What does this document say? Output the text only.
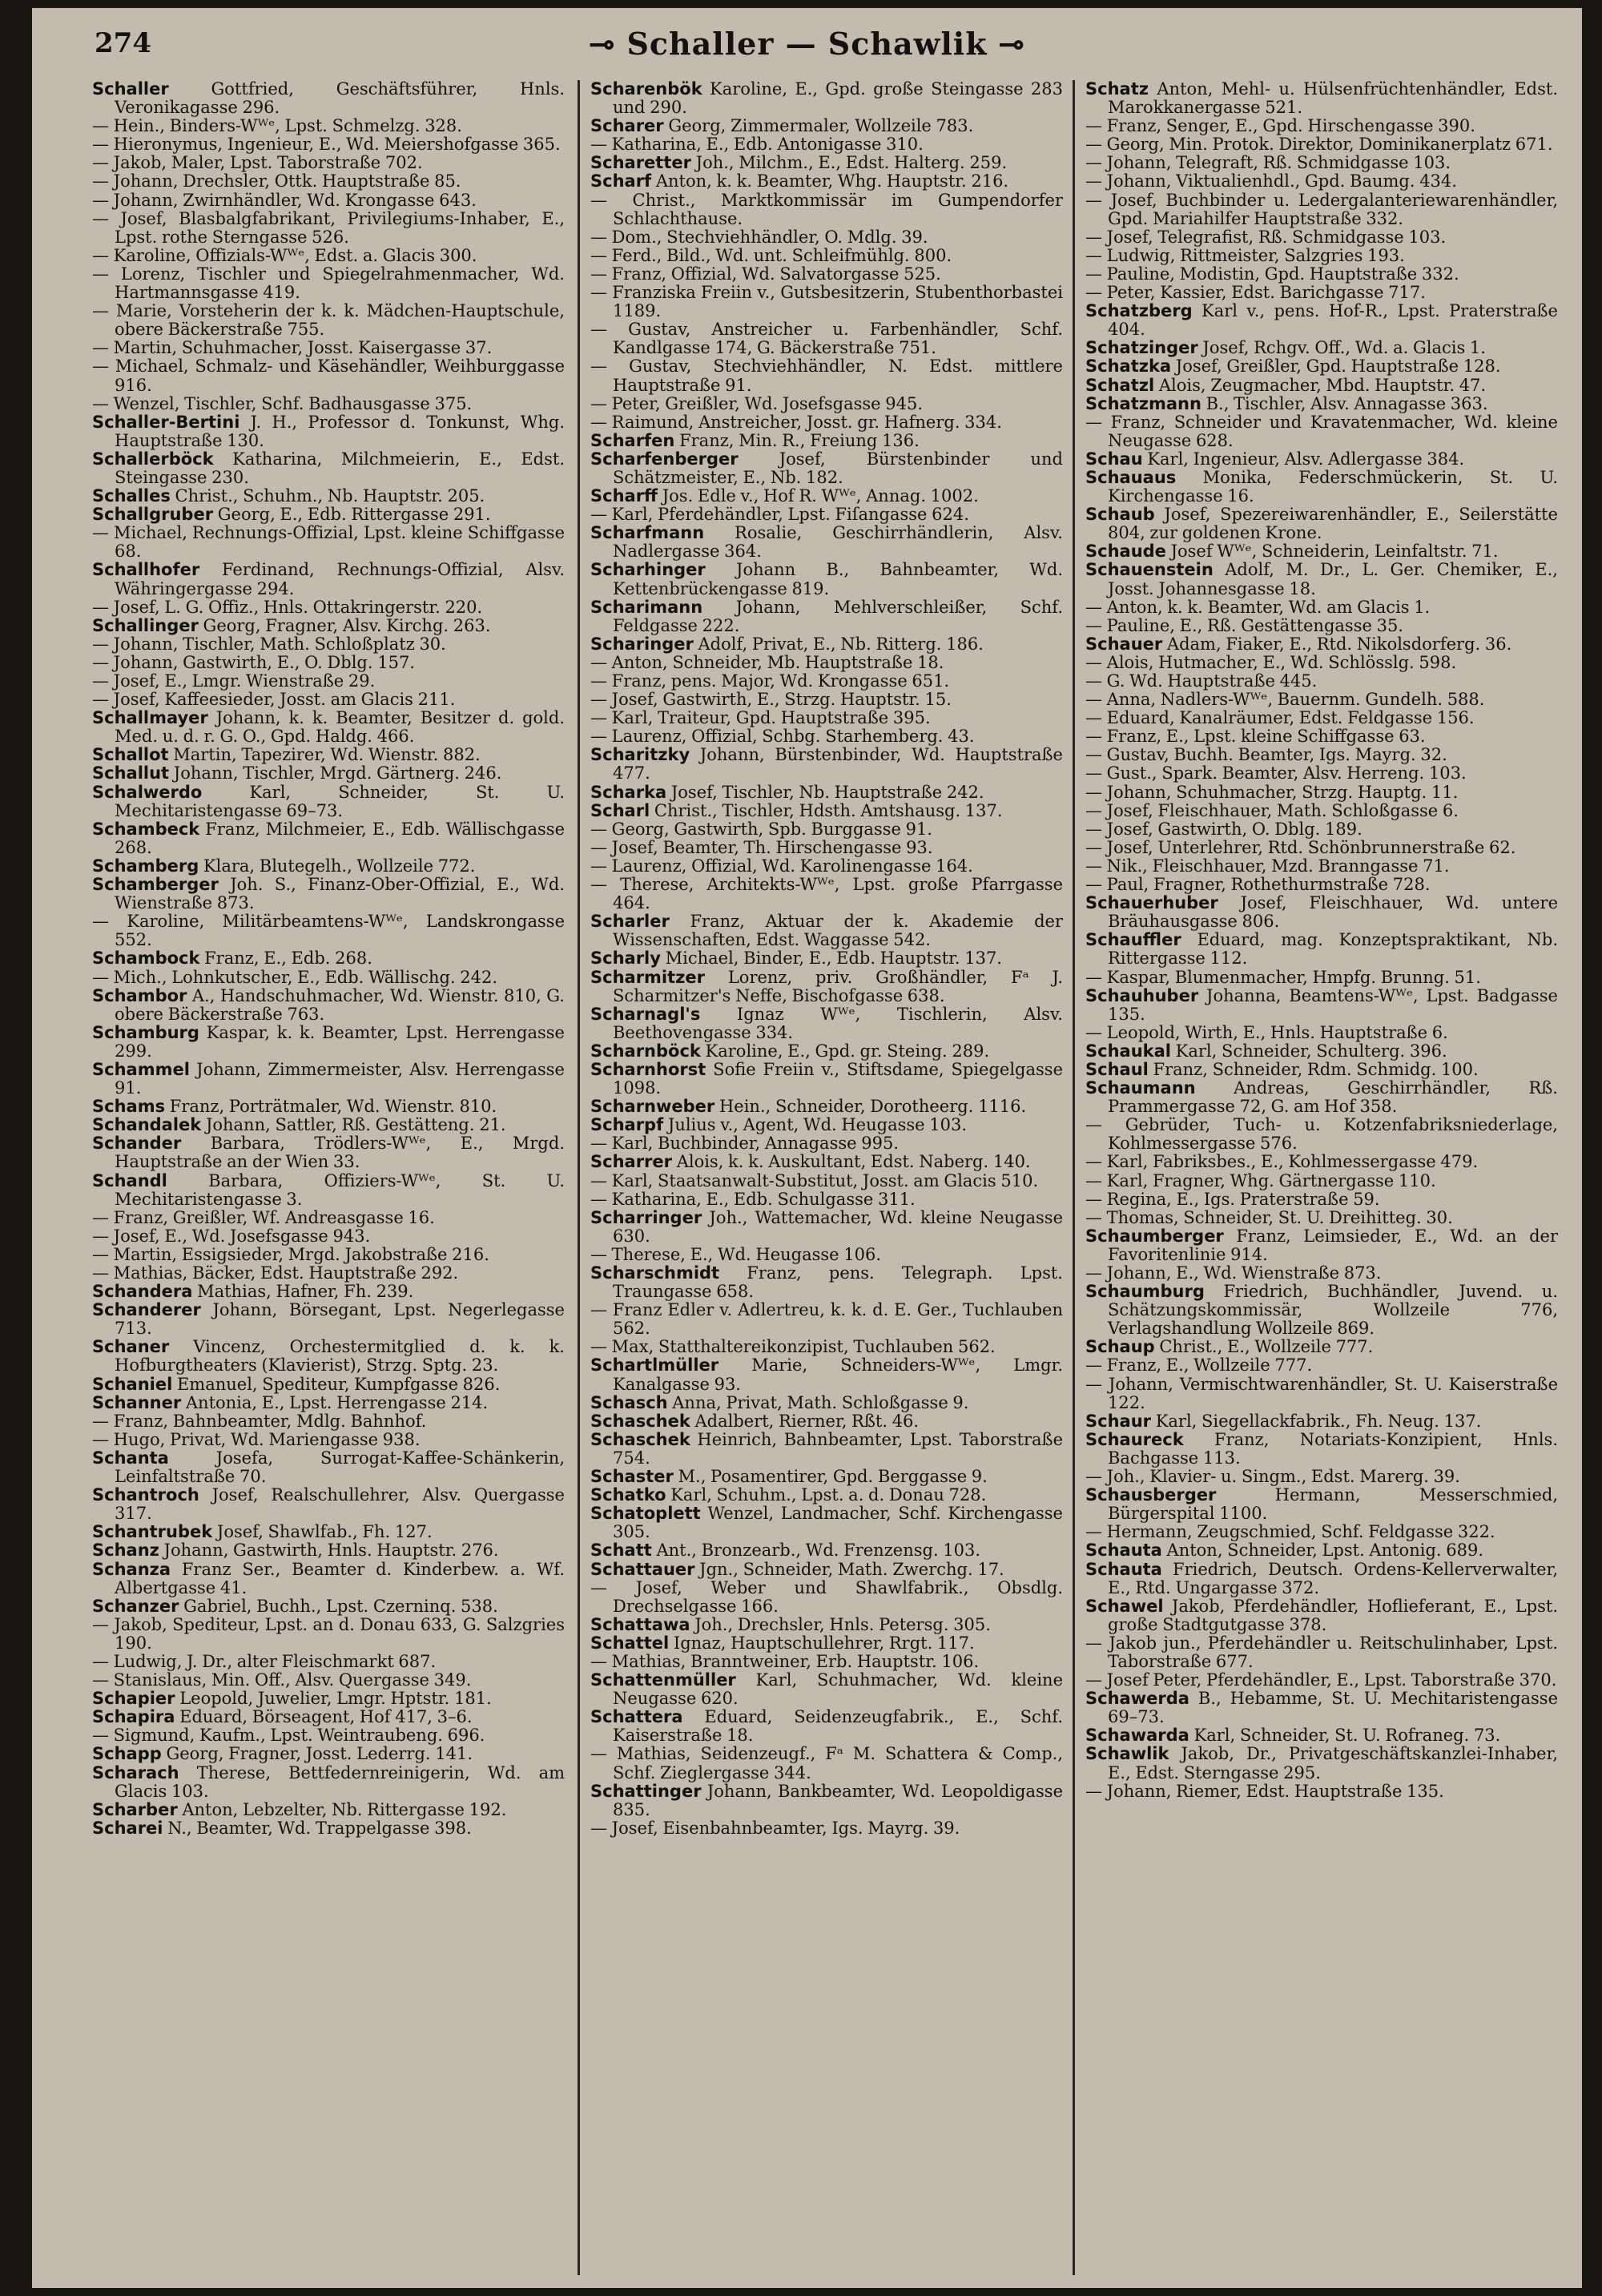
274	⊸ Schaller — Schawlik ⊸
Schaller Gottfried, Geschäftsführer, Hnls. Veronikagasse 296.
— Hein., Binders-Wᵂᵉ, Lpst. Schmelzg. 328.
— Hieronymus, Ingenieur, E., Wd. Meiershofgasse 365.
— Jakob, Maler, Lpst. Taborstraße 702.
— Johann, Drechsler, Ottk. Hauptstraße 85.
— Johann, Zwirnhändler, Wd. Krongasse 643.
— Josef, Blasbalgfabrikant, Privilegiums-Inhaber, E., Lpst. rothe Sterngasse 526.
— Karoline, Offizials-Wᵂᵉ, Edst. a. Glacis 300.
— Lorenz, Tischler und Spiegelrahmenmacher, Wd. Hartmannsgasse 419.
— Marie, Vorsteherin der k. k. Mädchen-Hauptschule, obere Bäckerstraße 755.
— Martin, Schuhmacher, Josst. Kaisergasse 37.
— Michael, Schmalz- und Käsehändler, Weihburggasse 916.
— Wenzel, Tischler, Schf. Badhausgasse 375.
Schaller-Bertini J. H., Professor d. Tonkunst, Whg. Hauptstraße 130.
Schallerböck Katharina, Milchmeierin, E., Edst. Steingasse 230.
Schalles Christ., Schuhm., Nb. Hauptstr. 205.
Schallgruber Georg, E., Edb. Rittergasse 291.
— Michael, Rechnungs-Offizial, Lpst. kleine Schiffgasse 68.
Schallhofer Ferdinand, Rechnungs-Offizial, Alsv. Währingergasse 294.
— Josef, L. G. Offiz., Hnls. Ottakringerstr. 220.
Schallinger Georg, Fragner, Alsv. Kirchg. 263.
— Johann, Tischler, Math. Schloßplatz 30.
— Johann, Gastwirth, E., O. Dblg. 157.
— Josef, E., Lmgr. Wienstraße 29.
— Josef, Kaffeesieder, Josst. am Glacis 211.
Schallmayer Johann, k. k. Beamter, Besitzer d. gold. Med. u. d. r. G. O., Gpd. Haldg. 466.
Schallot Martin, Tapezirer, Wd. Wienstr. 882.
Schallut Johann, Tischler, Mrgd. Gärtnerg. 246.
Schalwerdo Karl, Schneider, St. U. Mechitaristengasse 69–73.
Schambeck Franz, Milchmeier, E., Edb. Wällischgasse 268.
Schamberg Klara, Blutegelh., Wollzeile 772.
Schamberger Joh. S., Finanz-Ober-Offizial, E., Wd. Wienstraße 873.
— Karoline, Militärbeamtens-Wᵂᵉ, Landskrongasse 552.
Schambock Franz, E., Edb. 268.
— Mich., Lohnkutscher, E., Edb. Wällischg. 242.
Schambor A., Handschuhmacher, Wd. Wienstr. 810, G. obere Bäckerstraße 763.
Schamburg Kaspar, k. k. Beamter, Lpst. Herrengasse 299.
Schammel Johann, Zimmermeister, Alsv. Herrengasse 91.
Schams Franz, Porträtmaler, Wd. Wienstr. 810.
Schandalek Johann, Sattler, Rß. Gestätteng. 21.
Schander Barbara, Trödlers-Wᵂᵉ, E., Mrgd. Hauptstraße an der Wien 33.
Schandl Barbara, Offiziers-Wᵂᵉ, St. U. Mechitaristengasse 3.
— Franz, Greißler, Wf. Andreasgasse 16.
— Josef, E., Wd. Josefsgasse 943.
— Martin, Essigsieder, Mrgd. Jakobstraße 216.
— Mathias, Bäcker, Edst. Hauptstraße 292.
Schandera Mathias, Hafner, Fh. 239.
Schanderer Johann, Börsegant, Lpst. Negerlegasse 713.
Schaner Vincenz, Orchestermitglied d. k. k. Hofburgtheaters (Klavierist), Strzg. Sptg. 23.
Schaniel Emanuel, Spediteur, Kumpfgasse 826.
Schanner Antonia, E., Lpst. Herrengasse 214.
— Franz, Bahnbeamter, Mdlg. Bahnhof.
— Hugo, Privat, Wd. Mariengasse 938.
Schanta Josefa, Surrogat-Kaffee-Schänkerin, Leinfaltstraße 70.
Schantroch Josef, Realschullehrer, Alsv. Quergasse 317.
Schantrubek Josef, Shawlfab., Fh. 127.
Schanz Johann, Gastwirth, Hnls. Hauptstr. 276.
Schanza Franz Ser., Beamter d. Kinderbew. a. Wf. Albertgasse 41.
Schanzer Gabriel, Buchh., Lpst. Czerninq. 538.
— Jakob, Spediteur, Lpst. an d. Donau 633, G. Salzgries 190.
— Ludwig, J. Dr., alter Fleischmarkt 687.
— Stanislaus, Min. Off., Alsv. Quergasse 349.
Schapier Leopold, Juwelier, Lmgr. Hptstr. 181.
Schapira Eduard, Börseagent, Hof 417, 3–6.
— Sigmund, Kaufm., Lpst. Weintraubeng. 696.
Schapp Georg, Fragner, Josst. Lederrg. 141.
Scharach Therese, Bettfedernreinigerin, Wd. am Glacis 103.
Scharber Anton, Lebzelter, Nb. Rittergasse 192.
Scharei N., Beamter, Wd. Trappelgasse 398.
Scharenbök Karoline, E., Gpd. große Steingasse 283 und 290.
Scharer Georg, Zimmermaler, Wollzeile 783.
— Katharina, E., Edb. Antonigasse 310.
Scharetter Joh., Milchm., E., Edst. Halterg. 259.
Scharf Anton, k. k. Beamter, Whg. Hauptstr. 216.
— Christ., Marktkommissär im Gumpendorfer Schlachthause.
— Dom., Stechviehhändler, O. Mdlg. 39.
— Ferd., Bild., Wd. unt. Schleifmühlg. 800.
— Franz, Offizial, Wd. Salvatorgasse 525.
— Franziska Freiin v., Gutsbesitzerin, Stubenthorbastei 1189.
— Gustav, Anstreicher u. Farbenhändler, Schf. Kandlgasse 174, G. Bäckerstraße 751.
— Gustav, Stechviehhändler, N. Edst. mittlere Hauptstraße 91.
— Peter, Greißler, Wd. Josefsgasse 945.
— Raimund, Anstreicher, Josst. gr. Hafnerg. 334.
Scharfen Franz, Min. R., Freiung 136.
Scharfenberger Josef, Bürstenbinder und Schätzmeister, E., Nb. 182.
Scharff Jos. Edle v., Hof R. Wᵂᵉ, Annag. 1002.
— Karl, Pferdehändler, Lpst. Fiſangasse 624.
Scharfmann Rosalie, Geschirrhändlerin, Alsv. Nadlergasse 364.
Scharhinger Johann B., Bahnbeamter, Wd. Kettenbrückengasse 819.
Scharimann Johann, Mehlverschleißer, Schf. Feldgasse 222.
Scharinger Adolf, Privat, E., Nb. Ritterg. 186.
— Anton, Schneider, Mb. Hauptstraße 18.
— Franz, pens. Major, Wd. Krongasse 651.
— Josef, Gastwirth, E., Strzg. Hauptstr. 15.
— Karl, Traiteur, Gpd. Hauptstraße 395.
— Laurenz, Offizial, Schbg. Starhemberg. 43.
Scharitzky Johann, Bürstenbinder, Wd. Hauptstraße 477.
Scharka Josef, Tischler, Nb. Hauptstraße 242.
Scharl Christ., Tischler, Hdsth. Amtshausg. 137.
— Georg, Gastwirth, Spb. Burggasse 91.
— Josef, Beamter, Th. Hirschengasse 93.
— Laurenz, Offizial, Wd. Karolinengasse 164.
— Therese, Architekts-Wᵂᵉ, Lpst. große Pfarrgasse 464.
Scharler Franz, Aktuar der k. Akademie der Wissenschaften, Edst. Waggasse 542.
Scharly Michael, Binder, E., Edb. Hauptstr. 137.
Scharmitzer Lorenz, priv. Großhändler, Fᵃ J. Scharmitzer's Neffe, Bischofgasse 638.
Scharnagl's Ignaz Wᵂᵉ, Tischlerin, Alsv. Beethovengasse 334.
Scharnböck Karoline, E., Gpd. gr. Steing. 289.
Scharnhorst Sofie Freiin v., Stiftsdame, Spiegelgasse 1098.
Scharnweber Hein., Schneider, Dorotheerg. 1116.
Scharpf Julius v., Agent, Wd. Heugasse 103.
— Karl, Buchbinder, Annagasse 995.
Scharrer Alois, k. k. Auskultant, Edst. Naberg. 140.
— Karl, Staatsanwalt-Substitut, Josst. am Glacis 510.
— Katharina, E., Edb. Schulgasse 311.
Scharringer Joh., Wattemacher, Wd. kleine Neugasse 630.
— Therese, E., Wd. Heugasse 106.
Scharschmidt Franz, pens. Telegraph. Lpst. Traungasse 658.
— Franz Edler v. Adlertreu, k. k. d. E. Ger., Tuchlauben 562.
— Max, Statthaltereikonzipist, Tuchlauben 562.
Schartlmüller Marie, Schneiders-Wᵂᵉ, Lmgr. Kanalgasse 93.
Schasch Anna, Privat, Math. Schloßgasse 9.
Schaschek Adalbert, Rierner, Rßt. 46.
Schaschek Heinrich, Bahnbeamter, Lpst. Taborstraße 754.
Schaster M., Posamentirer, Gpd. Berggasse 9.
Schatko Karl, Schuhm., Lpst. a. d. Donau 728.
Schatoplett Wenzel, Landmacher, Schf. Kirchengasse 305.
Schatt Ant., Bronzearb., Wd. Frenzensg. 103.
Schattauer Jgn., Schneider, Math. Zwerchg. 17.
— Josef, Weber und Shawlfabrik., Obsdlg. Drechselgasse 166.
Schattawa Joh., Drechsler, Hnls. Petersg. 305.
Schattel Ignaz, Hauptschullehrer, Rrgt. 117.
— Mathias, Branntweiner, Erb. Hauptstr. 106.
Schattenmüller Karl, Schuhmacher, Wd. kleine Neugasse 620.
Schattera Eduard, Seidenzeugfabrik., E., Schf. Kaiserstraße 18.
— Mathias, Seidenzeugf., Fᵃ M. Schattera & Comp., Schf. Zieglergasse 344.
Schattinger Johann, Bankbeamter, Wd. Leopoldigasse 835.
— Josef, Eisenbahnbeamter, Igs. Mayrg. 39.
Schatz Anton, Mehl- u. Hülsenfrüchtenhändler, Edst. Marokkanergasse 521.
— Franz, Senger, E., Gpd. Hirschengasse 390.
— Georg, Min. Protok. Direktor, Dominikanerplatz 671.
— Johann, Telegraft, Rß. Schmidgasse 103.
— Johann, Viktualienhdl., Gpd. Baumg. 434.
— Josef, Buchbinder u. Ledergalanteriewarenhändler, Gpd. Mariahilfer Hauptstraße 332.
— Josef, Telegrafist, Rß. Schmidgasse 103.
— Ludwig, Rittmeister, Salzgries 193.
— Pauline, Modistin, Gpd. Hauptstraße 332.
— Peter, Kassier, Edst. Barichgasse 717.
Schatzberg Karl v., pens. Hof-R., Lpst. Praterstraße 404.
Schatzinger Josef, Rchgv. Off., Wd. a. Glacis 1.
Schatzka Josef, Greißler, Gpd. Hauptstraße 128.
Schatzl Alois, Zeugmacher, Mbd. Hauptstr. 47.
Schatzmann B., Tischler, Alsv. Annagasse 363.
— Franz, Schneider und Kravatenmacher, Wd. kleine Neugasse 628.
Schau Karl, Ingenieur, Alsv. Adlergasse 384.
Schauaus Monika, Federschmückerin, St. U. Kirchengasse 16.
Schaub Josef, Spezereiwarenhändler, E., Seilerstätte 804, zur goldenen Krone.
Schaude Josef Wᵂᵉ, Schneiderin, Leinfaltstr. 71.
Schauenstein Adolf, M. Dr., L. Ger. Chemiker, E., Josst. Johannesgasse 18.
— Anton, k. k. Beamter, Wd. am Glacis 1.
— Pauline, E., Rß. Gestättengasse 35.
Schauer Adam, Fiaker, E., Rtd. Nikolsdorferg. 36.
— Alois, Hutmacher, E., Wd. Schlösslg. 598.
— G. Wd. Hauptstraße 445.
— Anna, Nadlers-Wᵂᵉ, Bauernm. Gundelh. 588.
— Eduard, Kanalräumer, Edst. Feldgasse 156.
— Franz, E., Lpst. kleine Schiffgasse 63.
— Gustav, Buchh. Beamter, Igs. Mayrg. 32.
— Gust., Spark. Beamter, Alsv. Herreng. 103.
— Johann, Schuhmacher, Strzg. Hauptg. 11.
— Josef, Fleischhauer, Math. Schloßgasse 6.
— Josef, Gastwirth, O. Dblg. 189.
— Josef, Unterlehrer, Rtd. Schönbrunnerstraße 62.
— Nik., Fleischhauer, Mzd. Branngasse 71.
— Paul, Fragner, Rothethurmstraße 728.
Schauerhuber Josef, Fleischhauer, Wd. untere Bräuhausgasse 806.
Schauffler Eduard, mag. Konzeptspraktikant, Nb. Rittergasse 112.
— Kaspar, Blumenmacher, Hmpfg. Brunng. 51.
Schauhuber Johanna, Beamtens-Wᵂᵉ, Lpst. Badgasse 135.
— Leopold, Wirth, E., Hnls. Hauptstraße 6.
Schaukal Karl, Schneider, Schulterg. 396.
Schaul Franz, Schneider, Rdm. Schmidg. 100.
Schaumann Andreas, Geschirrhändler, Rß. Prammergasse 72, G. am Hof 358.
— Gebrüder, Tuch- u. Kotzenfabriksniederlage, Kohlmessergasse 576.
— Karl, Fabriksbes., E., Kohlmessergasse 479.
— Karl, Fragner, Whg. Gärtnergasse 110.
— Regina, E., Igs. Praterstraße 59.
— Thomas, Schneider, St. U. Dreihitteg. 30.
Schaumberger Franz, Leimsieder, E., Wd. an der Favoritenlinie 914.
— Johann, E., Wd. Wienstraße 873.
Schaumburg Friedrich, Buchhändler, Juvend. u. Schätzungskommissär, Wollzeile 776, Verlagshandlung Wollzeile 869.
Schaup Christ., E., Wollzeile 777.
— Franz, E., Wollzeile 777.
— Johann, Vermischtwarenhändler, St. U. Kaiserstraße 122.
Schaur Karl, Siegellackfabrik., Fh. Neug. 137.
Schaureck Franz, Notariats-Konzipient, Hnls. Bachgasse 113.
— Joh., Klavier- u. Singm., Edst. Marerg. 39.
Schausberger Hermann, Messerschmied, Bürgerspital 1100.
— Hermann, Zeugschmied, Schf. Feldgasse 322.
Schauta Anton, Schneider, Lpst. Antonig. 689.
Schauta Friedrich, Deutsch. Ordens-Kellerverwalter, E., Rtd. Ungargasse 372.
Schawel Jakob, Pferdehändler, Hoflieferant, E., Lpst. große Stadtgutgasse 378.
— Jakob jun., Pferdehändler u. Reitschulinhaber, Lpst. Taborstraße 677.
— Josef Peter, Pferdehändler, E., Lpst. Taborstraße 370.
Schawerda B., Hebamme, St. U. Mechitaristengasse 69–73.
Schawarda Karl, Schneider, St. U. Rofraneg. 73.
Schawlik Jakob, Dr., Privatgeschäftskanzlei-Inhaber, E., Edst. Sterngasse 295.
— Johann, Riemer, Edst. Hauptstraße 135.
